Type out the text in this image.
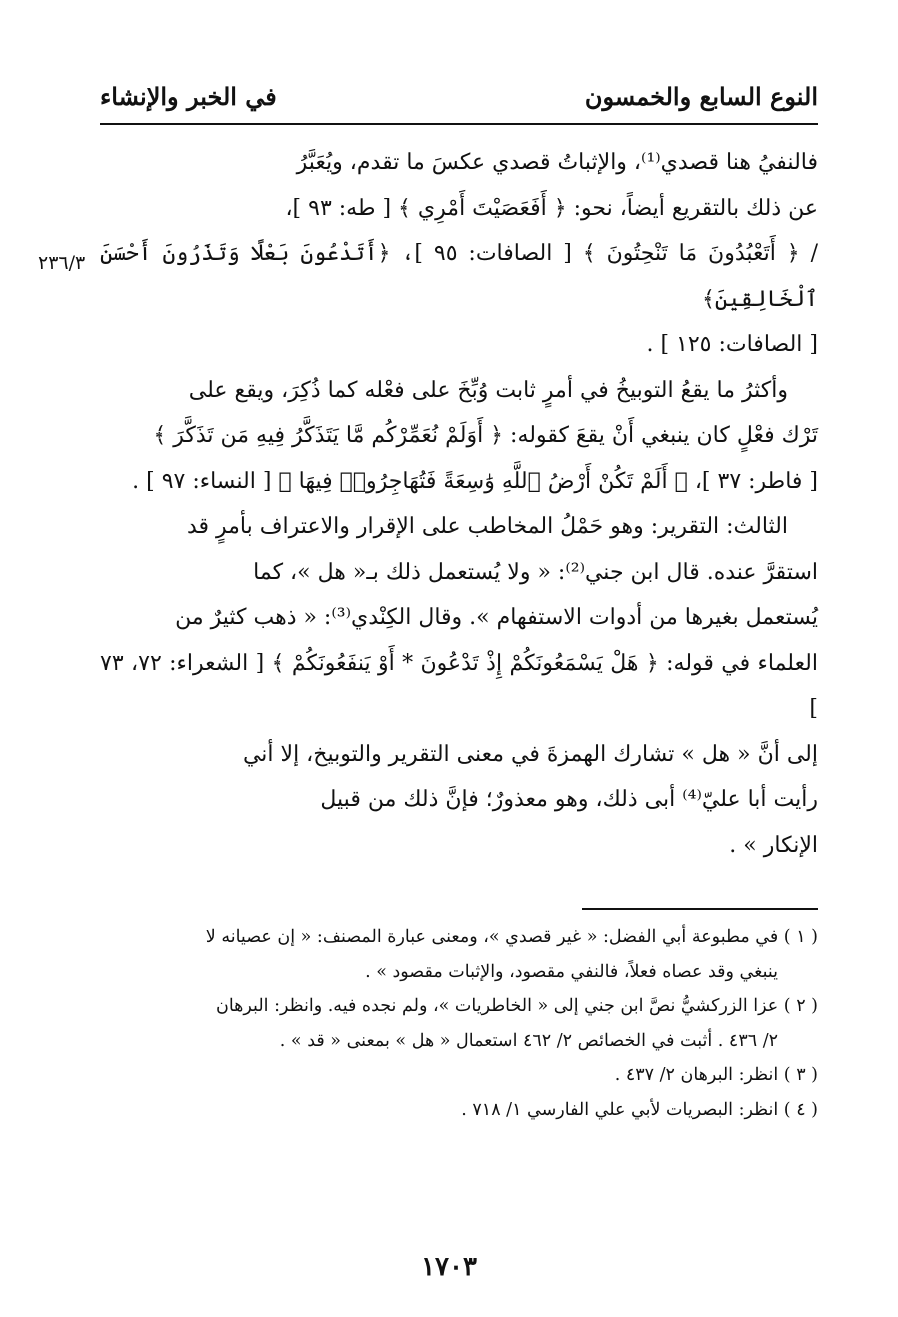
النوع السابع والخمسون
في الخبر والإنشاء
٢٣٦/٣

فالنفيُ هنا قصدي⁽¹⁾، والإثباتُ قصدي عكسَ ما تقدم، ويُعَبَّرُ

عن ذلك بالتقريع أيضاً، نحو: ﴿ أَفَعَصَيْتَ أَمْرِي ﴾ [ طه: ٩٣ ]،

/ ﴿ أَتَعْبُدُونَ مَا تَنْحِتُونَ ﴾ [ الصافات: ٩٥ ]، ﴿أَتَدْعُونَ بَعْلًا وَتَذَرُونَ أَحْسَنَ ٱلْخَالِقِينَ﴾

[ الصافات: ١٢٥ ] .

وأكثرُ ما يقعُ التوبيخُ في أمرٍ ثابت وُبِّخَ على فعْله كما ذُكِرَ، ويقع على

تَرْك فعْلٍ كان ينبغي أَنْ يقعَ كقوله: ﴿ أَوَلَمْ نُعَمِّرْكُم مَّا يَتَذَكَّرُ فِيهِ مَن تَذَكَّرَ ﴾

[ فاطر: ٣٧ ]، ﴿ أَلَمْ تَكُنْ أَرْضُ ٱللَّهِ وَٰسِعَةً فَتُهَاجِرُوا۟ فِيهَا ﴾ [ النساء: ٩٧ ] .

الثالث: التقرير: وهو حَمْلُ المخاطب على الإقرار والاعتراف بأمرٍ قد

استقرَّ عنده. قال ابن جني⁽²⁾: « ولا يُستعمل ذلك بـ« هل »، كما

يُستعمل بغيرها من أدوات الاستفهام ». وقال الكِنْدي⁽³⁾: « ذهب كثيرٌ من

العلماء في قوله: ﴿ هَلْ يَسْمَعُونَكُمْ إِذْ تَدْعُونَ * أَوْ يَنفَعُونَكُمْ ﴾ [ الشعراء: ٧٢، ٧٣ ]

إلى أنَّ « هل » تشارك الهمزةَ في معنى التقرير والتوبيخ، إلا أني

رأيت أبا عليّ⁽⁴⁾ أبى ذلك، وهو معذورٌ؛ فإنَّ ذلك من قبيل

الإنكار » .

( ١ ) في مطبوعة أبي الفضل: « غير قصدي »، ومعنى عبارة المصنف: « إن عصيانه لا

ينبغي وقد عصاه فعلاً، فالنفي مقصود، والإثبات مقصود » .

( ٢ ) عزا الزركشيُّ نصَّ ابن جني إلى « الخاطريات »، ولم نجده فيه. وانظر: البرهان

٢/ ٤٣٦ . أثبت في الخصائص ٢/ ٤٦٢ استعمال « هل » بمعنى « قد » .

( ٣ ) انظر: البرهان ٢/ ٤٣٧ .

( ٤ ) انظر: البصريات لأبي علي الفارسي ١/ ٧١٨ .

١٧٠٣
